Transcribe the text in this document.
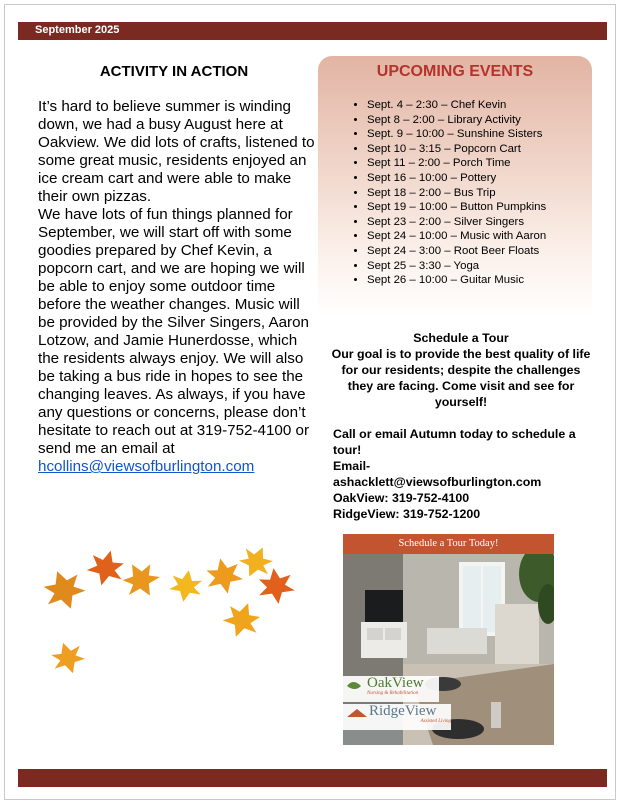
September 2025
ACTIVITY IN ACTION

It’s hard to believe summer is winding down, we had a busy August here at Oakview. We did lots of crafts, listened to some great music, residents enjoyed an ice cream cart and were able to make their own pizzas.

We have lots of fun things planned for September, we will start off with some goodies prepared by Chef Kevin, a popcorn cart, and we are hoping we will be able to enjoy some outdoor time before the weather changes. Music will be provided by the Silver Singers, Aaron Lotzow, and Jamie Hunerdosse, which the residents always enjoy. We will also be taking a bus ride in hopes to see the changing leaves. As always, if you have any questions or concerns, please don’t hesitate to reach out at 319-752-4100 or send me an email at hcollins@viewsofburlington.com

UPCOMING EVENTS
• Sept. 4 – 2:30 – Chef Kevin
• Sept 8 – 2:00 – Library Activity
• Sept. 9 – 10:00 – Sunshine Sisters
• Sept 10 – 3:15 – Popcorn Cart
• Sept 11 – 2:00 – Porch Time
• Sept 16 – 10:00 – Pottery
• Sept 18 – 2:00 – Bus Trip
• Sept 19 – 10:00 – Button Pumpkins
• Sept 23 – 2:00 – Silver Singers
• Sept 24 – 10:00 – Music with Aaron
• Sept 24 – 3:00 – Root Beer Floats
• Sept 25 – 3:30 – Yoga
• Sept 26 – 10:00 – Guitar Music
Schedule a Tour
Our goal is to provide the best quality of life for our residents; despite the challenges they are facing. Come visit and see for yourself!
Call or email Autumn today to schedule a tour!
Email-
ashacklett@viewsofburlington.com
OakView: 319-752-4100
RidgeView: 319-752-1200
Schedule a Tour Today!
OakView
Nursing & Rehabilitation
RidgeView
Assisted Living
